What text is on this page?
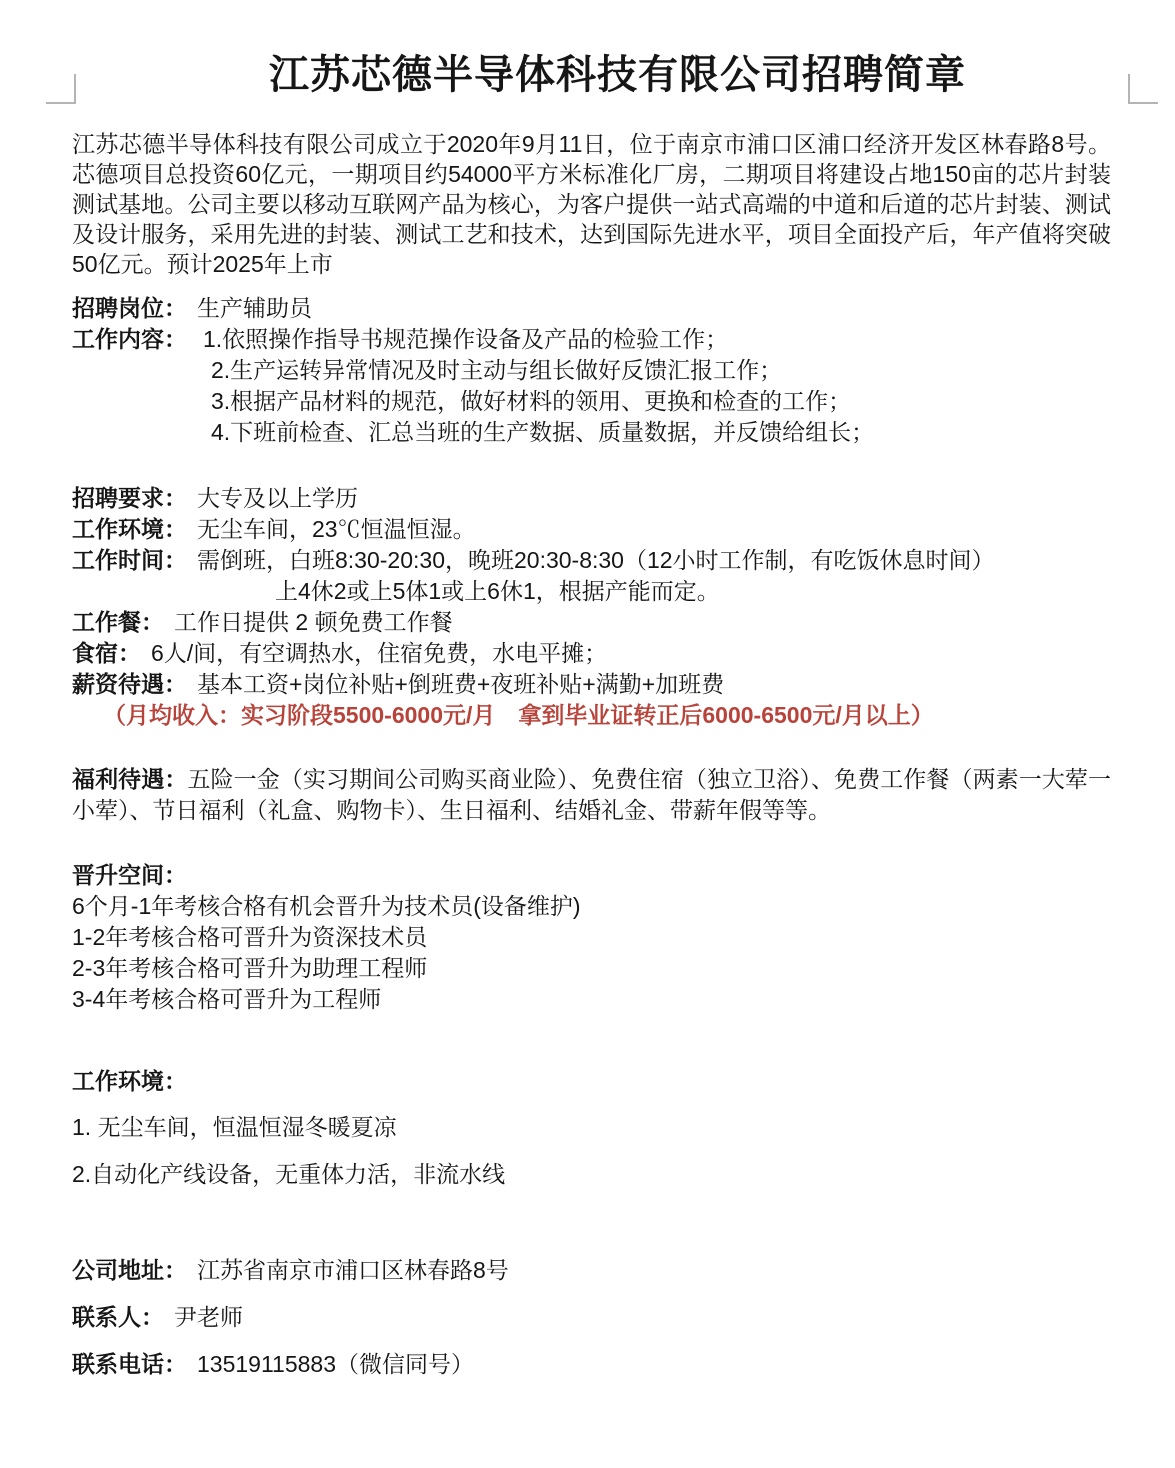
江苏芯德半导体科技有限公司招聘简章

江苏芯德半导体科技有限公司成立于2020年9月11日，位于南京市浦口区浦口经济开发区林春路8号。芯德项目总投资60亿元，一期项目约54000平方米标准化厂房，二期项目将建设占地150亩的芯片封装测试基地。公司主要以移动互联网产品为核心，为客户提供一站式高端的中道和后道的芯片封装、测试及设计服务，采用先进的封装、测试工艺和技术，达到国际先进水平，项目全面投产后，年产值将突破50亿元。预计2025年上市

招聘岗位： 生产辅助员
工作内容： 1.依照操作指导书规范操作设备及产品的检验工作；
2.生产运转异常情况及时主动与组长做好反馈汇报工作；
3.根据产品材料的规范，做好材料的领用、更换和检查的工作；
4.下班前检查、汇总当班的生产数据、质量数据，并反馈给组长；
招聘要求： 大专及以上学历
工作环境： 无尘车间，23℃恒温恒湿。
工作时间： 需倒班，白班8:30-20:30，晚班20:30-8:30（12小时工作制，有吃饭休息时间）
上4休2或上5体1或上6休1，根据产能而定。
工作餐： 工作日提供 2 顿免费工作餐
食宿： 6人/间，有空调热水，住宿免费，水电平摊；
薪资待遇： 基本工资+岗位补贴+倒班费+夜班补贴+满勤+加班费
（月均收入：实习阶段5500-6000元/月　拿到毕业证转正后6000-6500元/月以上）

福利待遇：五险一金（实习期间公司购买商业险）、免费住宿（独立卫浴）、免费工作餐（两素一大荤一小荤）、节日福利（礼盒、购物卡）、生日福利、结婚礼金、带薪年假等等。

晋升空间：
6个月-1年考核合格有机会晋升为技术员(设备维护)
1-2年考核合格可晋升为资深技术员
2-3年考核合格可晋升为助理工程师
3-4年考核合格可晋升为工程师
工作环境：
1. 无尘车间，恒温恒湿冬暖夏凉
2.自动化产线设备，无重体力活，非流水线
公司地址： 江苏省南京市浦口区林春路8号
联系人： 尹老师
联系电话： 13519115883（微信同号）
